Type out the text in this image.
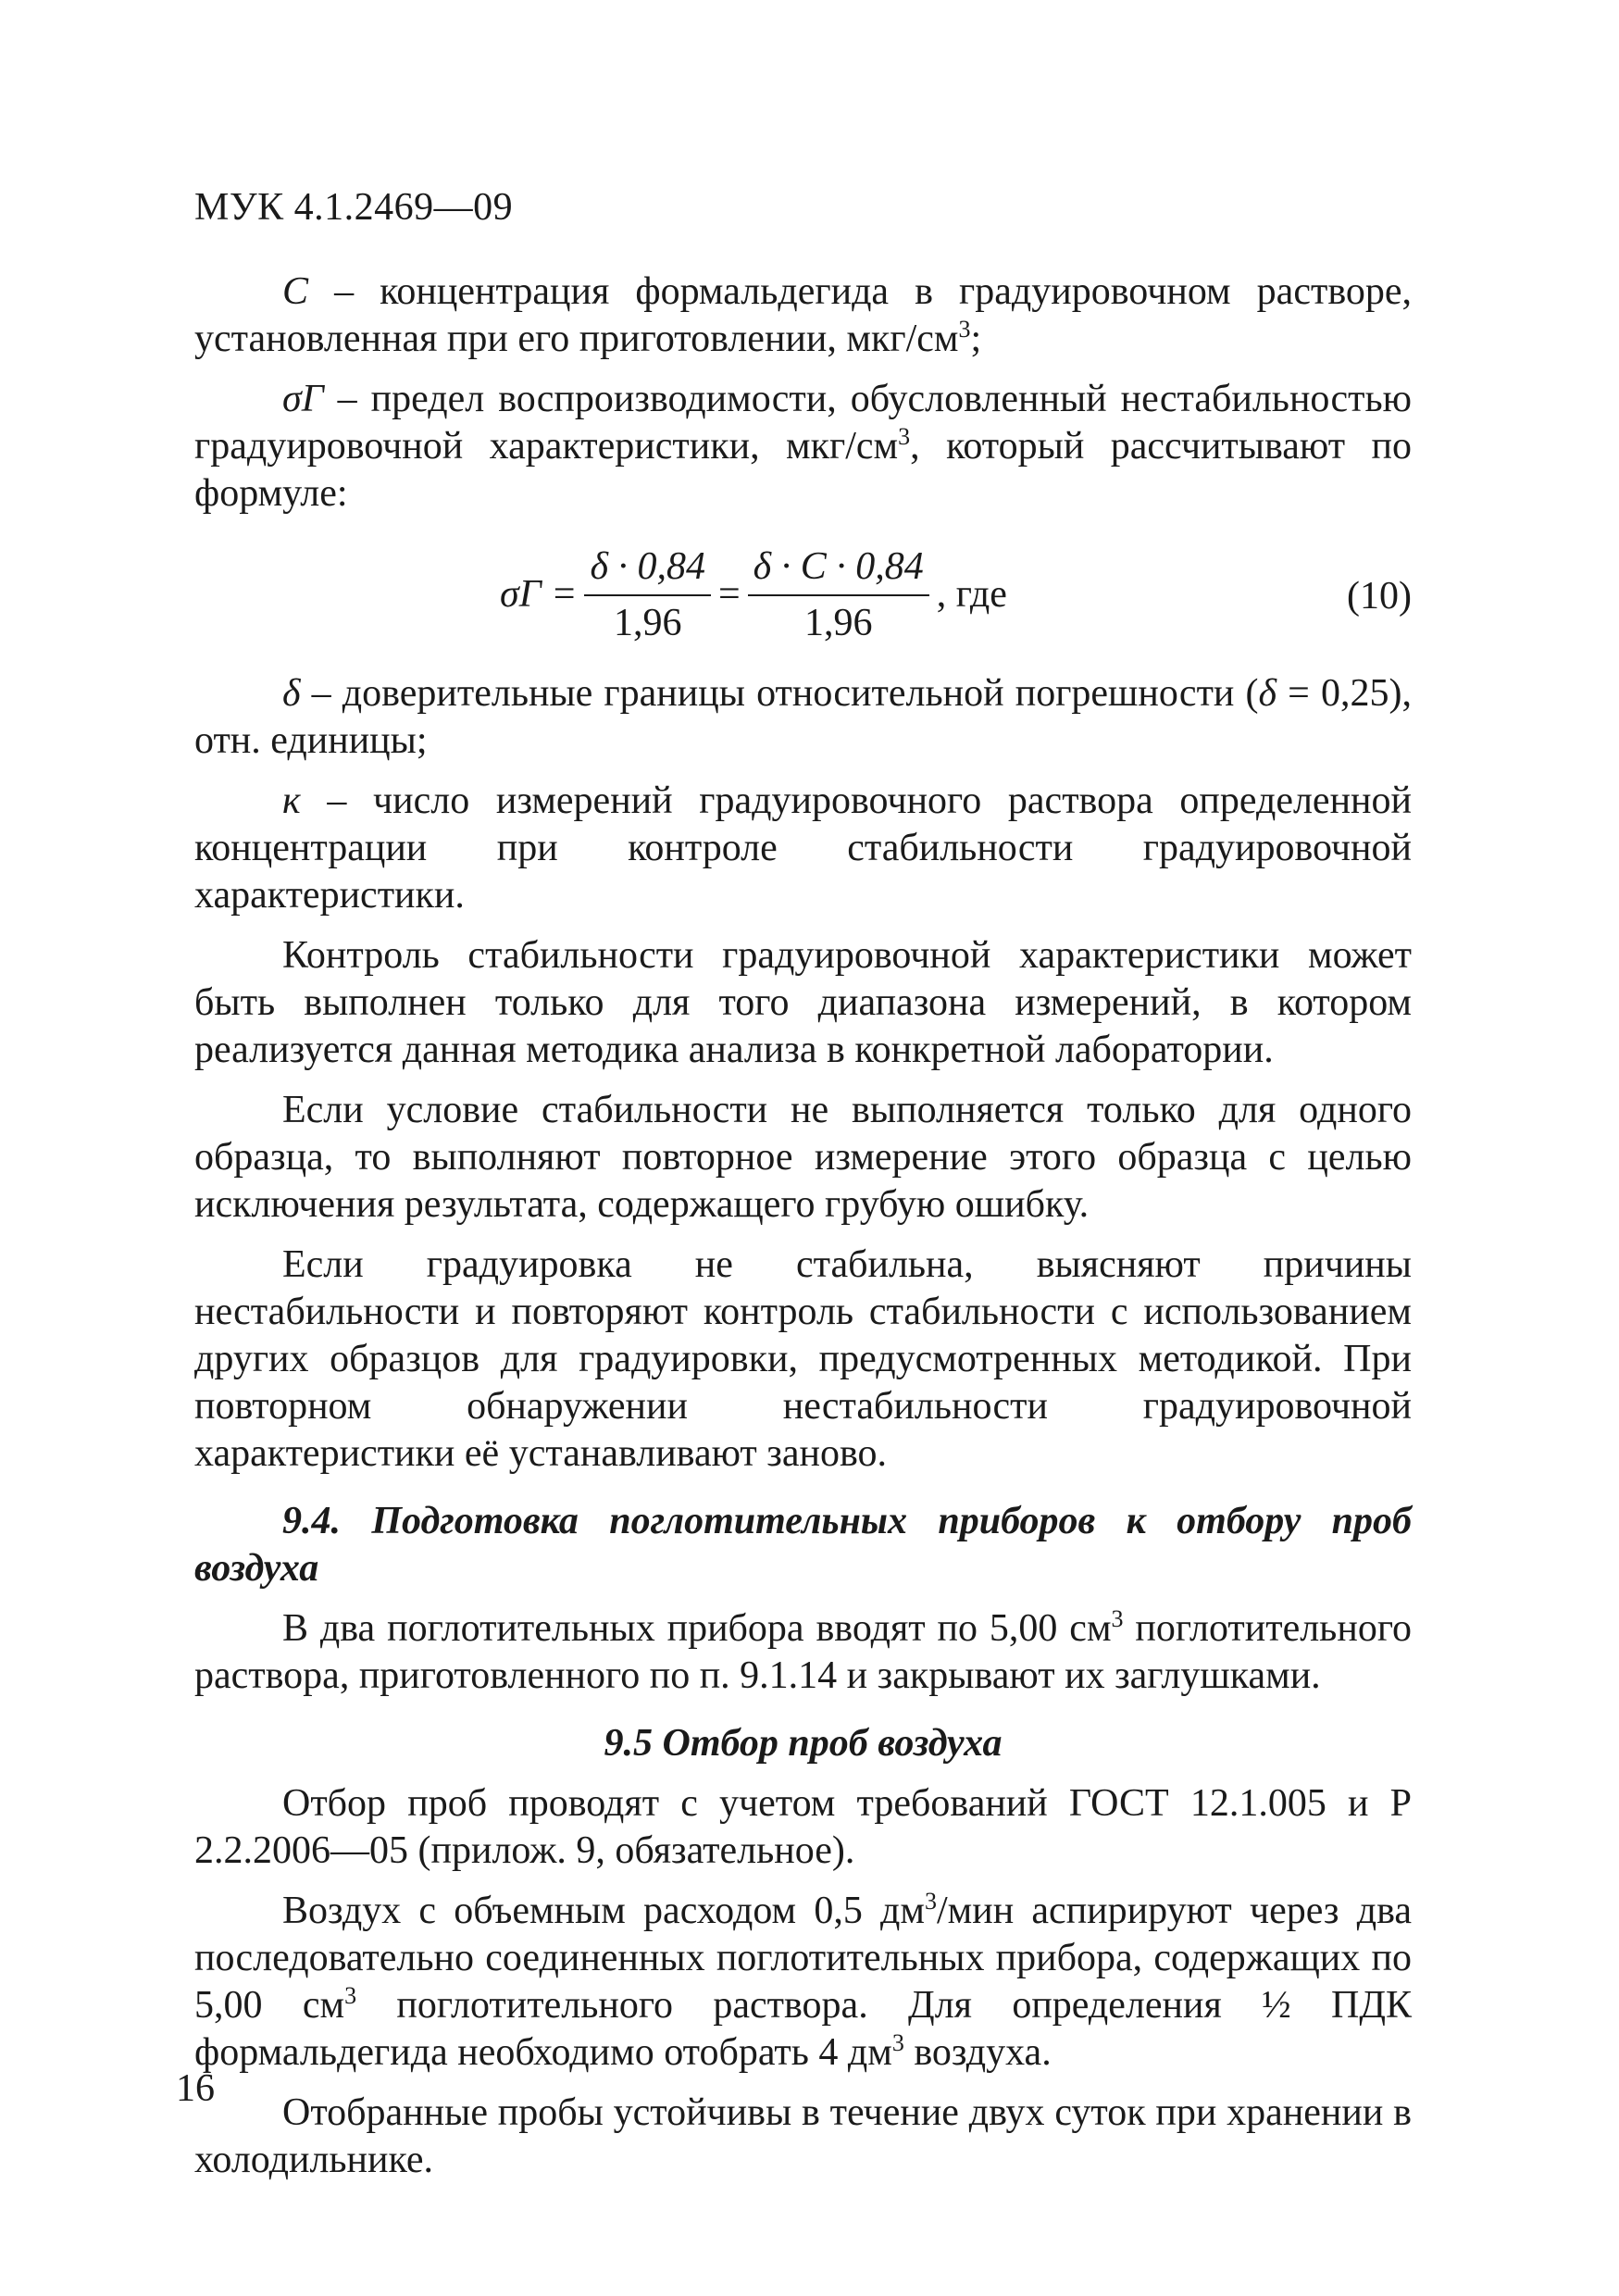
МУК 4.1.2469—09

C – концентрация формальдегида в градуировочном растворе, установленная при его приготовлении, мкг/$см^3$;

σГ – предел воспроизводимости, обусловленный нестабильностью градуировочной характеристики, мкг/$см^3$, который рассчитывают по формуле:

$\sigma Г = \frac{\delta \cdot 0,84}{1,96} = \frac{\delta \cdot C \cdot 0,84}{1,96}$ , где	(10)

δ – доверительные границы относительной погрешности (δ = 0,25), отн. единицы;

к – число измерений градуировочного раствора определенной концентрации при контроле стабильности градуировочной характеристики.

Контроль стабильности градуировочной характеристики может быть выполнен только для того диапазона измерений, в котором реализуется данная методика анализа в конкретной лаборатории.

Если условие стабильности не выполняется только для одного образца, то выполняют повторное измерение этого образца с целью исключения результата, содержащего грубую ошибку.

Если градуировка не стабильна, выясняют причины нестабильности и повторяют контроль стабильности с использованием других образцов для градуировки, предусмотренных методикой. При повторном обнаружении нестабильности градуировочной характеристики её устанавливают заново.

9.4. Подготовка поглотительных приборов к отбору проб воздуха

В два поглотительных прибора вводят по 5,00 $см^3$ поглотительного раствора, приготовленного по п. 9.1.14 и закрывают их заглушками.

9.5 Отбор проб воздуха

Отбор проб проводят с учетом требований ГОСТ 12.1.005 и Р 2.2.2006—05 (прилож. 9, обязательное).

Воздух с объемным расходом 0,5 $дм^3$/мин аспирируют через два последовательно соединенных поглотительных прибора, содержащих по 5,00 $см^3$ поглотительного раствора. Для определения ½ ПДК формальдегида необходимо отобрать 4 $дм^3$ воздуха.

Отобранные пробы устойчивы в течение двух суток при хранении в холодильнике.

16
